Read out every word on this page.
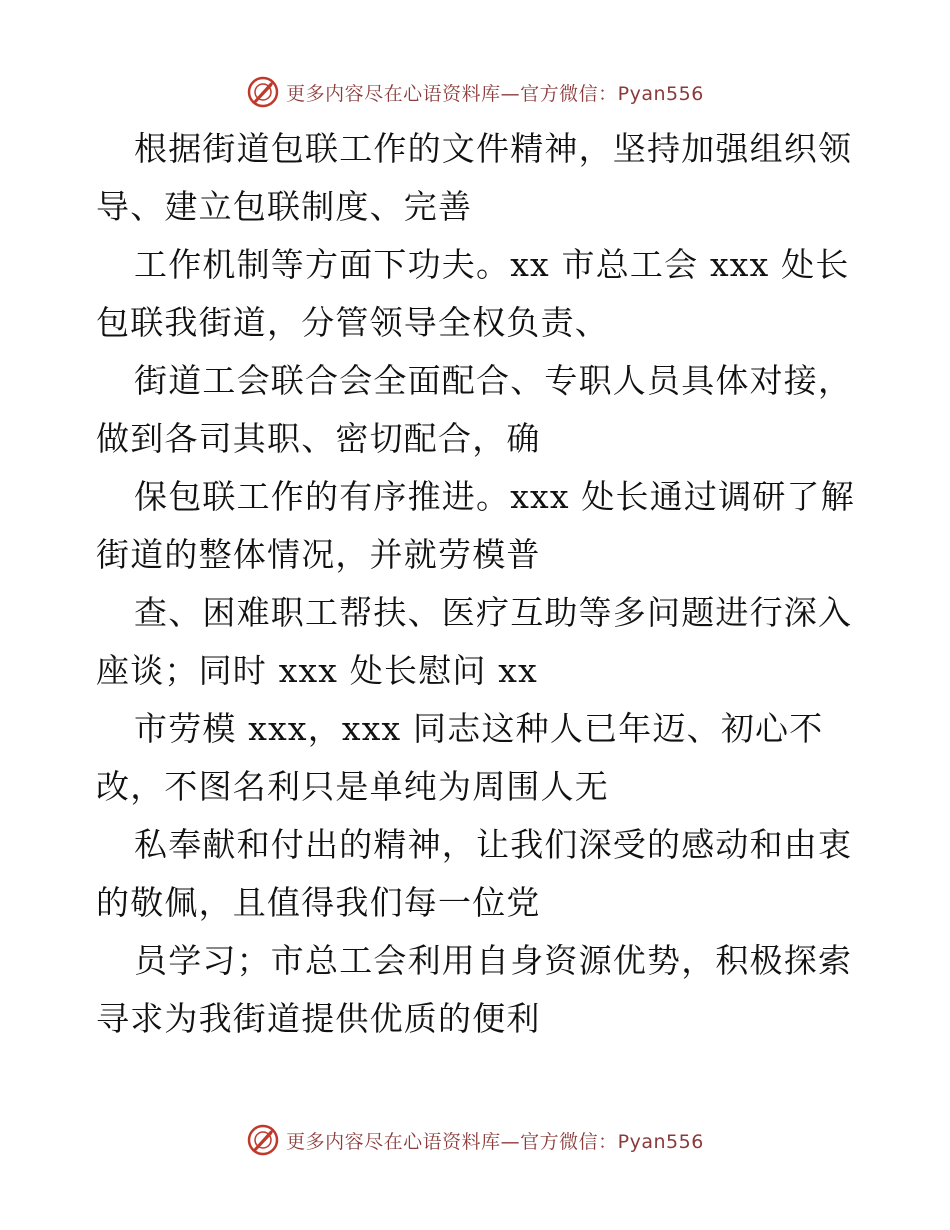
更多内容尽在心语资料库—官方微信：Pyan556
根据街道包联工作的文件精神，坚持加强组织领
导、建立包联制度、完善
工作机制等方面下功夫。xx 市总工会 xxx 处长
包联我街道，分管领导全权负责、
街道工会联合会全面配合、专职人员具体对接，
做到各司其职、密切配合，确
保包联工作的有序推进。xxx 处长通过调研了解
街道的整体情况，并就劳模普
查、困难职工帮扶、医疗互助等多问题进行深入
座谈；同时 xxx 处长慰问 xx
市劳模 xxx，xxx 同志这种人已年迈、初心不
改，不图名利只是单纯为周围人无
私奉献和付出的精神，让我们深受的感动和由衷
的敬佩，且值得我们每一位党
员学习；市总工会利用自身资源优势，积极探索
寻求为我街道提供优质的便利
更多内容尽在心语资料库—官方微信：Pyan556
